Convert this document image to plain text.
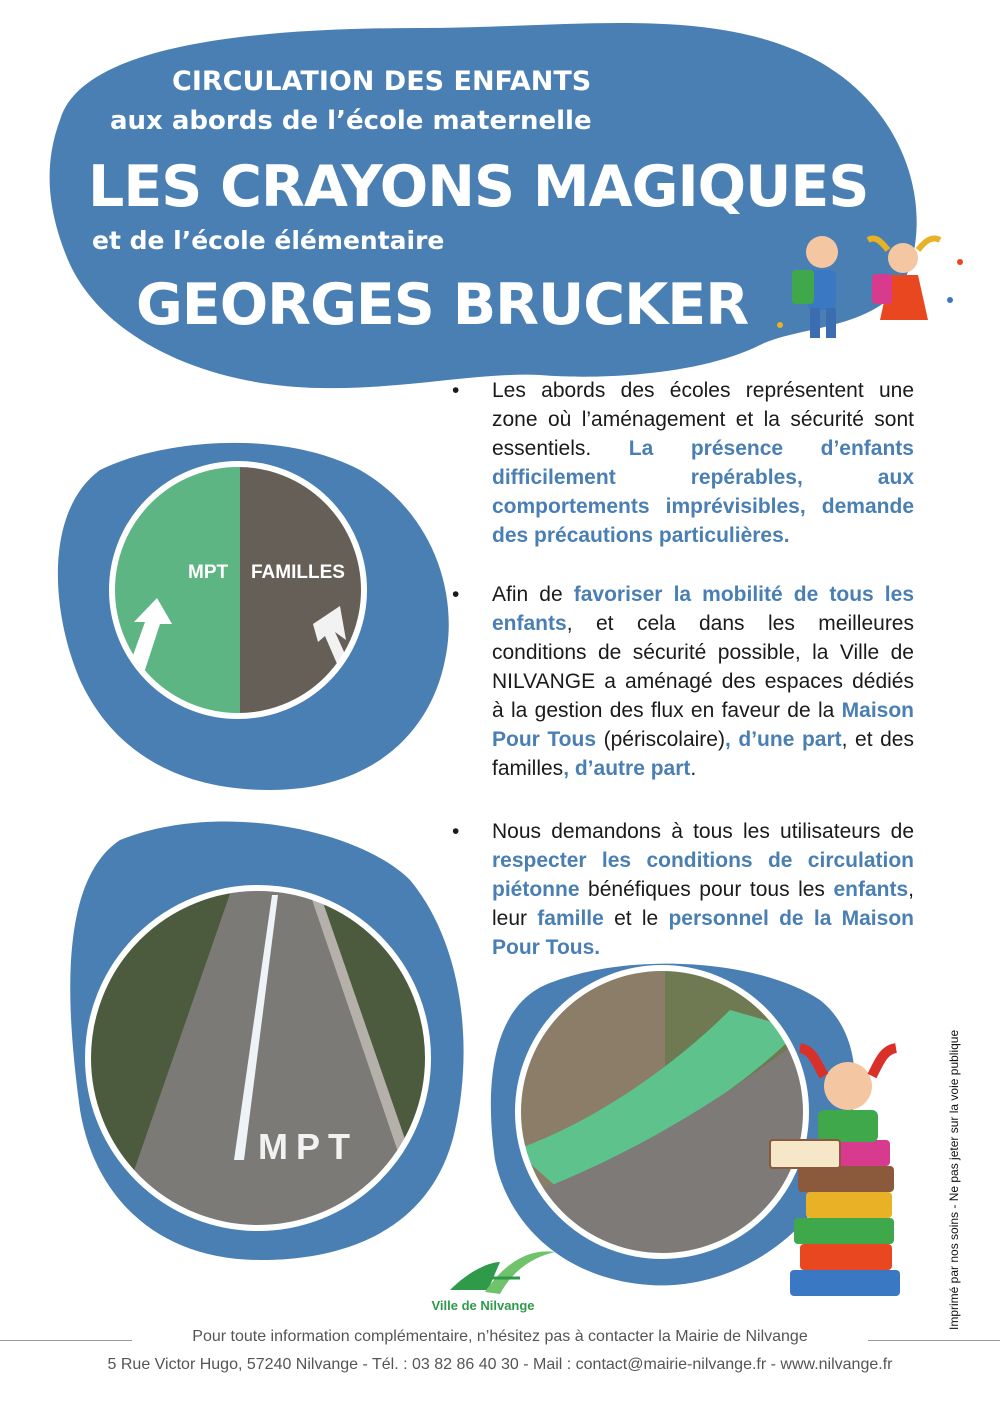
CIRCULATION DES ENFANTS
aux abords de l’école maternelle
LES CRAYONS MAGIQUES
et de l’école élémentaire
GEORGES BRUCKER
MPT FAMILLES
MPT

• Les abords des écoles représentent une zone où l’aménagement et la sécurité sont essentiels. La présence d’enfants difficilement repérables, aux comportements imprévisibles, demande des précautions particulières.

• Afin de favoriser la mobilité de tous les enfants, et cela dans les meilleures conditions de sécurité possible, la Ville de NILVANGE a aménagé des espaces dédiés à la gestion des flux en faveur de la Maison Pour Tous (périscolaire), d’une part, et des familles, d’autre part.

• Nous demandons à tous les utilisateurs de respecter les conditions de circulation piétonne bénéfiques pour tous les enfants, leur famille et le personnel de la Maison Pour Tous.

Imprimé par nos soins - Ne pas jeter sur la voie publique
Ville de Nilvange
Pour toute information complémentaire, n’hésitez pas à contacter la Mairie de Nilvange
5 Rue Victor Hugo, 57240 Nilvange - Tél. : 03 82 86 40 30 - Mail : contact@mairie-nilvange.fr - www.nilvange.fr
